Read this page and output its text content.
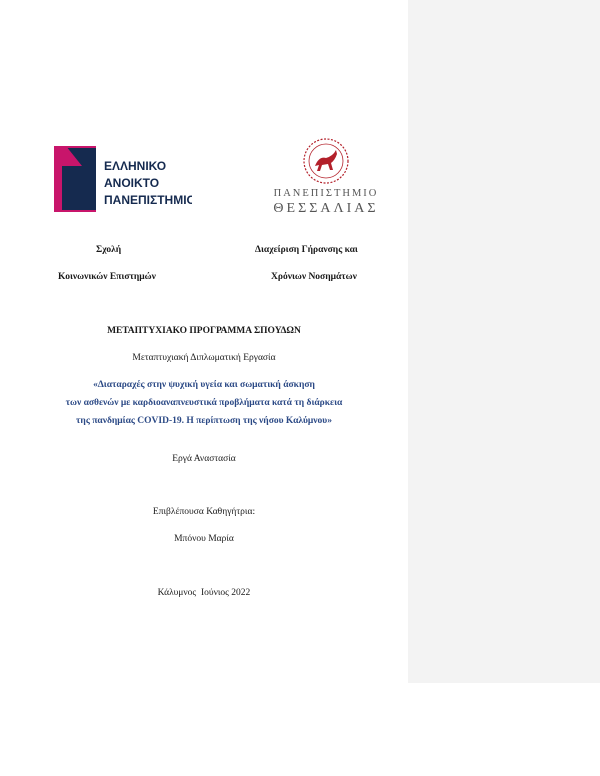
ΕΛΛΗΝΙΚΟ
ΑΝΟΙΚΤΟ
ΠΑΝΕΠΙΣΤΗΜΙΟ	ΠΑΝΕΠΙΣΤΗΜΙΟ
ΘΕΣΣΑΛΙΑΣ
Σχολή
Κοινωνικών Επιστημών
Διαχείριση Γήρανσης και
Χρόνιων Νοσημάτων
ΜΕΤΑΠΤΥΧΙΑΚΟ ΠΡΟΓΡΑΜΜΑ ΣΠΟΥΔΩΝ
Μεταπτυχιακή Διπλωματική Εργασία
«Διαταραχές στην ψυχική υγεία και σωματική άσκηση
των ασθενών με καρδιοαναπνευστικά προβλήματα κατά τη διάρκεια
της πανδημίας COVID-19. Η περίπτωση της νήσου Καλύμνου»
Εργά Αναστασία
Επιβλέπουσα Καθηγήτρια:
Μπόνου Μαρία
Κάλυμνος  Ιούνιος 2022
